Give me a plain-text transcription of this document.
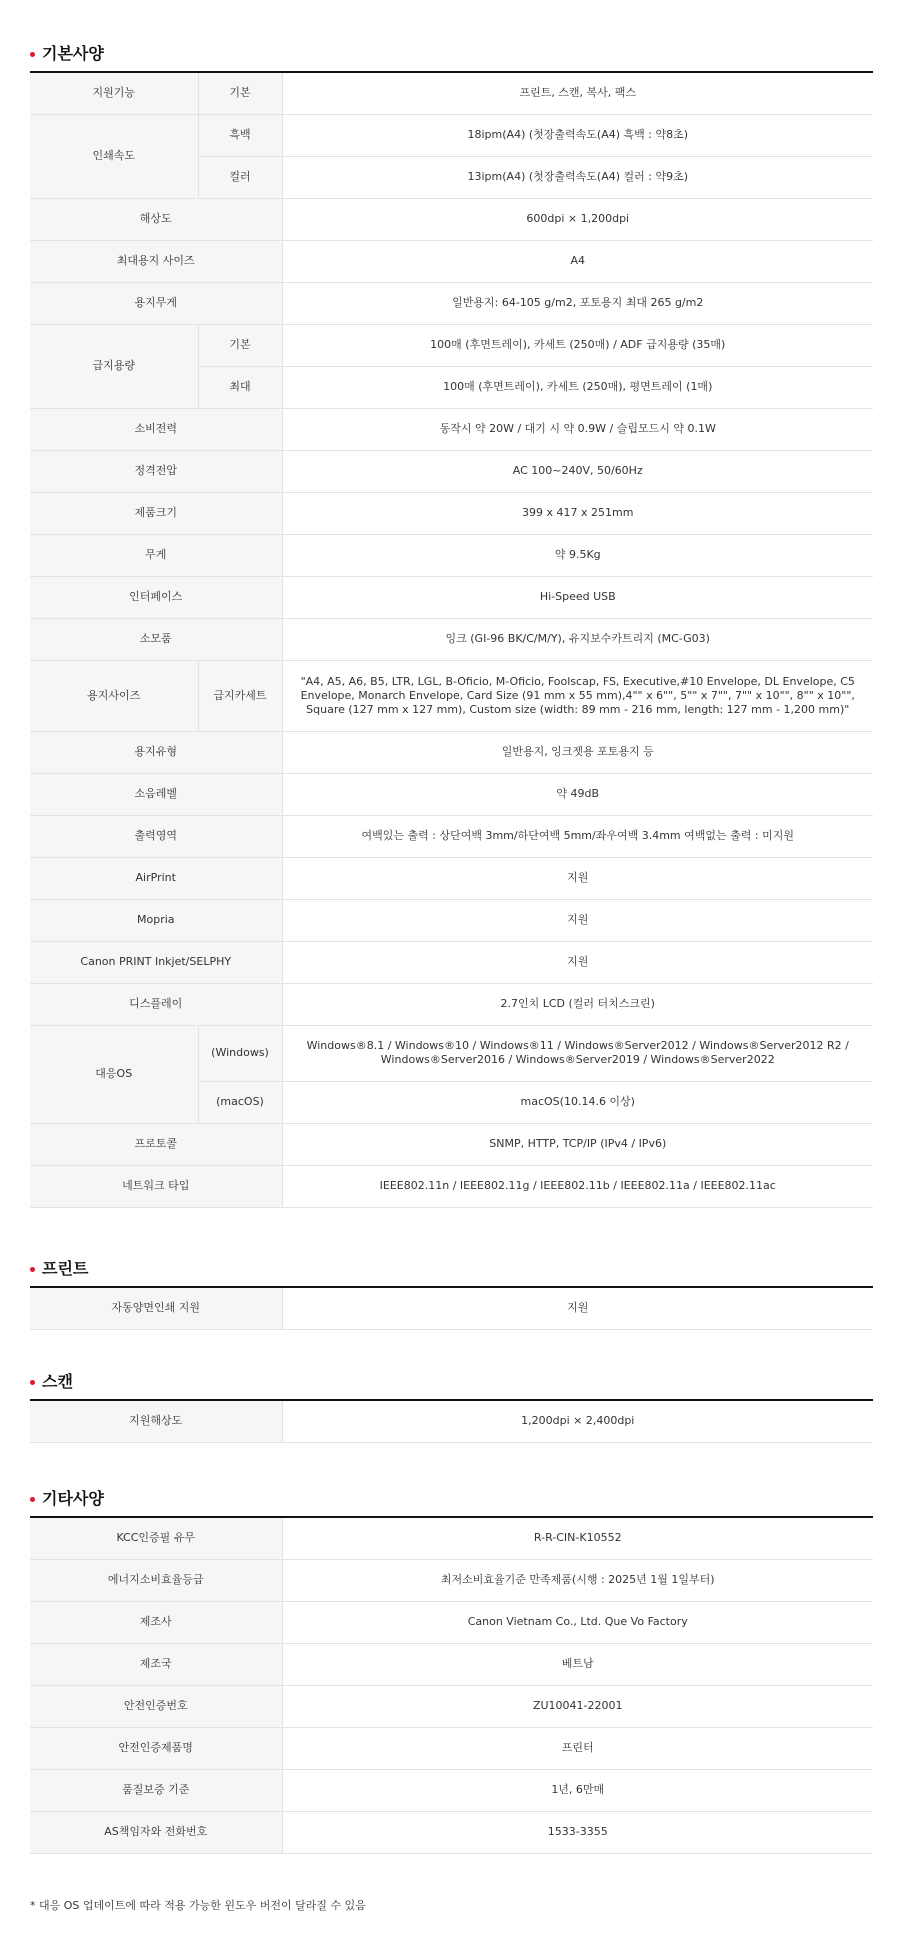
기본사양
지원기능	기본	프린트, 스캔, 복사, 팩스
인쇄속도	흑백	18ipm(A4) (첫장출력속도(A4) 흑백 : 약8초)
	컬러	13ipm(A4) (첫장출력속도(A4) 컬러 : 약9초)
해상도		600dpi × 1,200dpi
최대용지 사이즈		A4
용지무게		일반용지: 64-105 g/m2, 포토용지 최대 265 g/m2
급지용량	기본	100매 (후면트레이), 카세트 (250매) / ADF 급지용량 (35매)
	최대	100매 (후면트레이), 카세트 (250매), 평면트레이 (1매)
소비전력		동작시 약 20W / 대기 시 약 0.9W / 슬립모드시 약 0.1W
정격전압		AC 100~240V, 50/60Hz
제품크기		399 x 417 x 251mm
무게		약 9.5Kg
인터페이스		Hi-Speed USB
소모품		잉크 (GI-96 BK/C/M/Y), 유지보수카트리지 (MC-G03)
용지사이즈	급지카세트	"A4, A5, A6, B5, LTR, LGL, B-Oficio, M-Oficio, Foolscap, FS, Executive,#10 Envelope, DL Envelope, C5 Envelope, Monarch Envelope, Card Size (91 mm x 55 mm),4"" x 6"", 5"" x 7"", 7"" x 10"", 8"" x 10"", Square (127 mm x 127 mm), Custom size (width: 89 mm - 216 mm, length: 127 mm - 1,200 mm)"
용지유형		일반용지, 잉크젯용 포토용지 등
소음레벨		약 49dB
출력영역		여백있는 출력 : 상단여백 3mm/하단여백 5mm/좌우여백 3.4mm 여백없는 출력 : 미지원
AirPrint		지원
Mopria		지원
Canon PRINT Inkjet/SELPHY		지원
디스플레이		2.7인치 LCD (컬러 터치스크린)
대응OS	(Windows)	Windows®8.1 / Windows®10 / Windows®11 / Windows®Server2012 / Windows®Server2012 R2 / Windows®Server2016 / Windows®Server2019 / Windows®Server2022
	(macOS)	macOS(10.14.6 이상)
프로토콜		SNMP, HTTP, TCP/IP (IPv4 / IPv6)
네트워크 타입		IEEE802.11n / IEEE802.11g / IEEE802.11b / IEEE802.11a / IEEE802.11ac
프린트
자동양면인쇄 지원	지원
스캔
지원해상도	1,200dpi × 2,400dpi
기타사양
KCC인증필 유무	R-R-CIN-K10552
에너지소비효율등급	최저소비효율기준 만족제품(시행 : 2025년 1월 1일부터)
제조사	Canon Vietnam Co., Ltd. Que Vo Factory
제조국	베트남
안전인증번호	ZU10041-22001
안전인증제품명	프린터
품질보증 기준	1년, 6만매
AS책임자와 전화번호	1533-3355
* 대응 OS 업데이트에 따라 적용 가능한 윈도우 버전이 달라질 수 있음
